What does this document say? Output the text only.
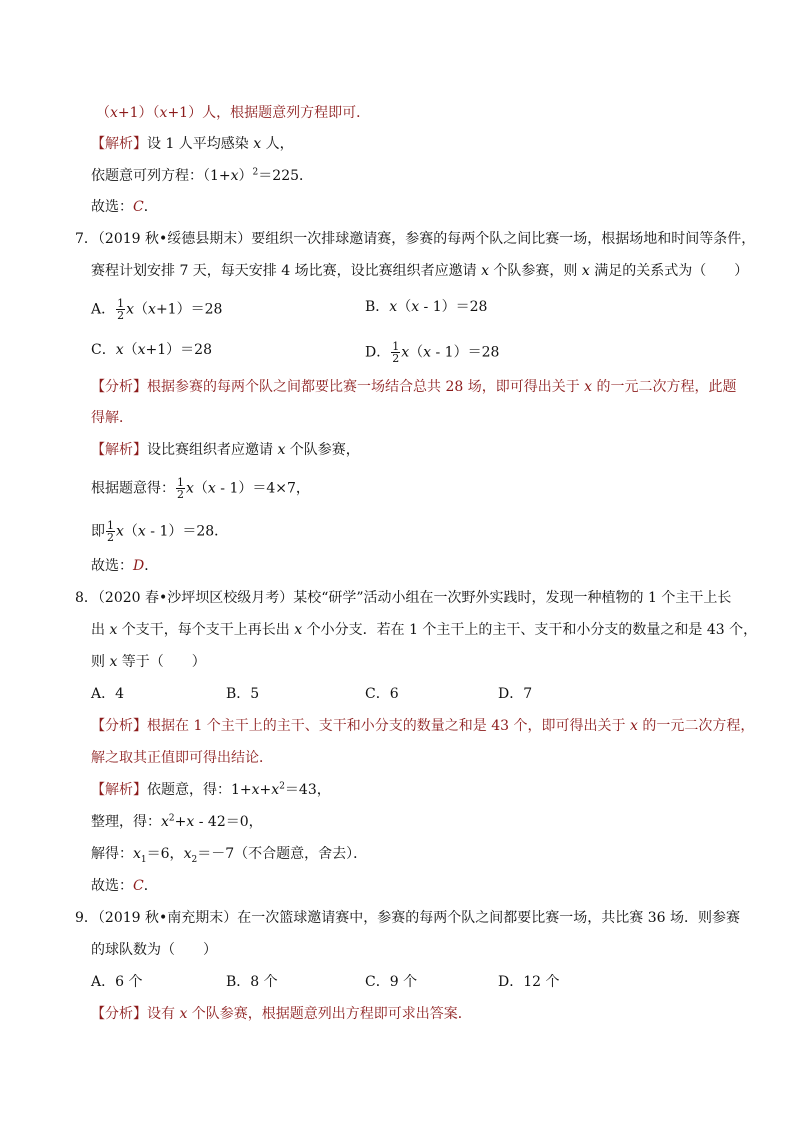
（x+1）（x+1）人，根据题意列方程即可．
【解析】设 1 人平均感染 x 人，
依题意可列方程：$(1+x)^2=225$．
故选：C．
7．（2019 秋•绥德县期末）要组织一次排球邀请赛，参赛的每两个队之间比赛一场，根据场地和时间等条件，
赛程计划安排 7 天，每天安排 4 场比赛，设比赛组织者应邀请 x 个队参赛，则 x 满足的关系式为（　　）
A． $\frac{1}{2} x(x+1)=28$	B．x（x - 1）＝28
C．x（x+1）＝28	D． $\frac{1}{2} x(x - 1)=28$
【分析】根据参赛的每两个队之间都要比赛一场结合总共 28 场，即可得出关于 x 的一元二次方程，此题
得解．
【解析】设比赛组织者应邀请 x 个队参赛，
根据题意得： $\frac{1}{2} x(x - 1)=4\times 7$，
即 $\frac{1}{2} x(x - 1)=28$．
故选：D．
8．（2020 春•沙坪坝区校级月考）某校“研学”活动小组在一次野外实践时，发现一种植物的 1 个主干上长
出 x 个支干，每个支干上再长出 x 个小分支．若在 1 个主干上的主干、支干和小分支的数量之和是 43 个，
则 x 等于（　　）
A．4	B．5	C．6	D．7
【分析】根据在 1 个主干上的主干、支干和小分支的数量之和是 43 个，即可得出关于 x 的一元二次方程，
解之取其正值即可得出结论．
【解析】依题意，得：$1+x+x^2=43$，
整理，得：$x^2+x - 42=0$，
解得：$x_1=6$，$x_2=-7$（不合题意，舍去）．
故选：C．
9．（2019 秋•南充期末）在一次篮球邀请赛中，参赛的每两个队之间都要比赛一场，共比赛 36 场．则参赛
的球队数为（　　）
A．6 个	B．8 个	C．9 个	D．12 个
【分析】设有 x 个队参赛，根据题意列出方程即可求出答案．
